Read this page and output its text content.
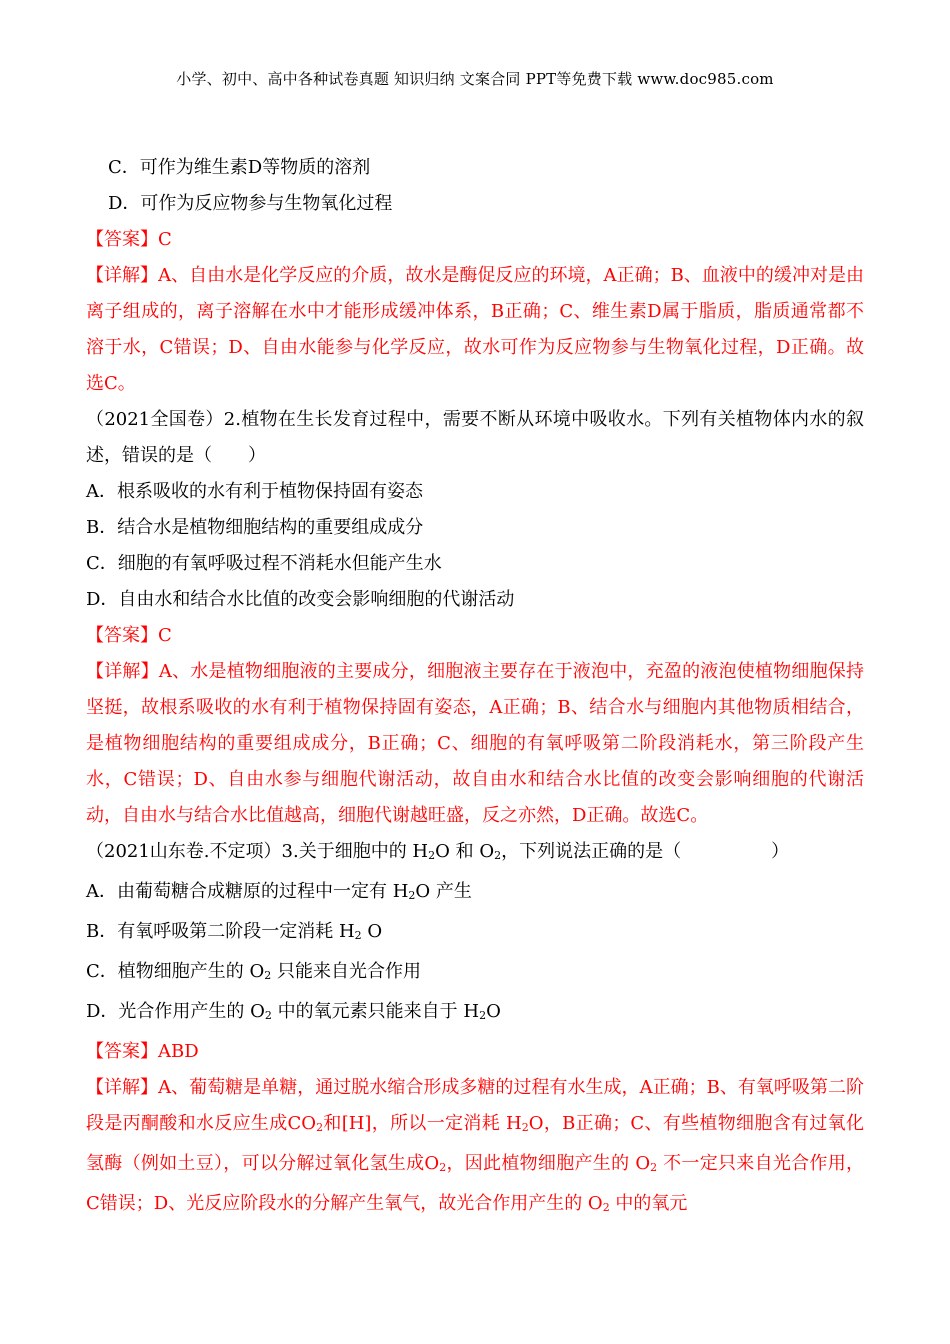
小学、初中、高中各种试卷真题 知识归纳 文案合同 PPT等免费下载 www.doc985.com
C．可作为维生素D等物质的溶剂
D．可作为反应物参与生物氧化过程
【答案】C
【详解】A、自由水是化学反应的介质，故水是酶促反应的环境，A正确；B、血液中的缓冲对是由离子组成的，离子溶解在水中才能形成缓冲体系，B正确；C、维生素D属于脂质，脂质通常都不溶于水，C错误；D、自由水能参与化学反应，故水可作为反应物参与生物氧化过程，D正确。故选C。
（2021全国卷）2.植物在生长发育过程中，需要不断从环境中吸收水。下列有关植物体内水的叙述，错误的是（　　）
A．根系吸收的水有利于植物保持固有姿态
B．结合水是植物细胞结构的重要组成成分
C．细胞的有氧呼吸过程不消耗水但能产生水
D．自由水和结合水比值的改变会影响细胞的代谢活动
【答案】C
【详解】A、水是植物细胞液的主要成分，细胞液主要存在于液泡中，充盈的液泡使植物细胞保持坚挺，故根系吸收的水有利于植物保持固有姿态，A正确；B、结合水与细胞内其他物质相结合，是植物细胞结构的重要组成成分，B正确；C、细胞的有氧呼吸第二阶段消耗水，第三阶段产生水，C错误；D、自由水参与细胞代谢活动，故自由水和结合水比值的改变会影响细胞的代谢活动，自由水与结合水比值越高，细胞代谢越旺盛，反之亦然，D正确。故选C。
（2021山东卷.不定项）3.关于细胞中的 $H_2O$ 和 $O_2$，下列说法正确的是（　　　　　）
A．由葡萄糖合成糖原的过程中一定有 $H_2O$ 产生
B．有氧呼吸第二阶段一定消耗 $H_2$ O
C．植物细胞产生的 $O_2$ 只能来自光合作用
D．光合作用产生的 $O_2$ 中的氧元素只能来自于 $H_2O$
【答案】ABD
【详解】A、葡萄糖是单糖，通过脱水缩合形成多糖的过程有水生成，A正确；B、有氧呼吸第二阶段是丙酮酸和水反应生成$CO_2$和[H]，所以一定消耗 $H_2O$，B正确；C、有些植物细胞含有过氧化氢酶（例如土豆），可以分解过氧化氢生成$O_2$，因此植物细胞产生的 $O_2$ 不一定只来自光合作用，C错误；D、光反应阶段水的分解产生氧气，故光合作用产生的 $O_2$ 中的氧元
